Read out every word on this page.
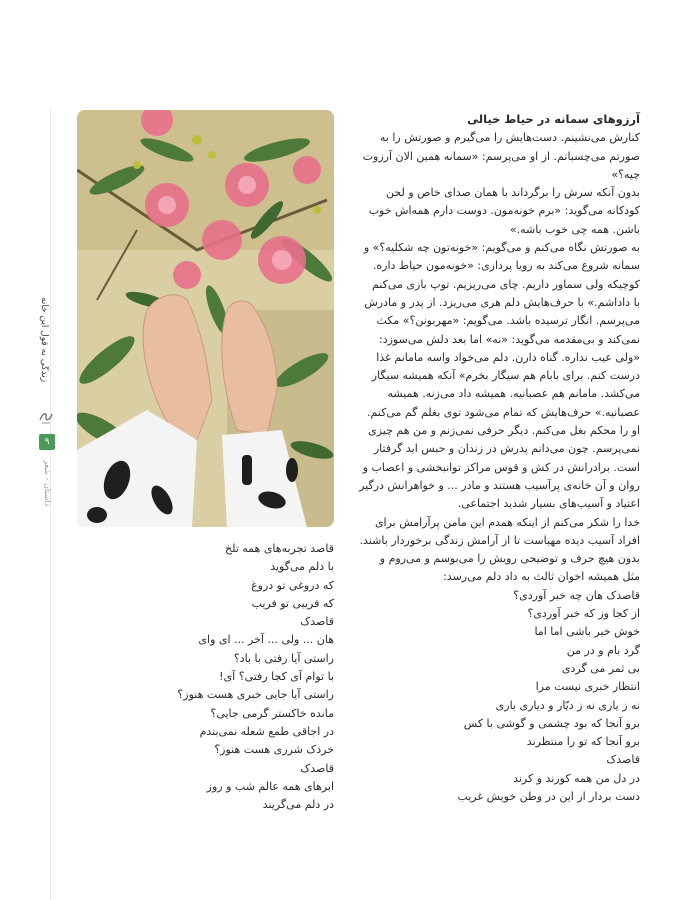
زندگی به قول این خانه
۹
داستان - شعر
آرزوهای سمانه در حیاط خیالی
کنارش می‌نشینم. دست‌هایش را می‌گیرم و صورتش را به
صورتم می‌چسبانم. از او می‌پرسم: «سمانه همین الان آرزوت
چیه؟»
بدون آنکه سرش را برگرداند با همان صدای خاص و لحن
کودکانه می‌گوید: «برم خونه‌مون. دوست دارم همه‌اش خوب
باشن. همه چی خوب باشه.»
به صورتش نگاه می‌کنم و می‌گویم: «خونه‌تون چه شکلیه؟» و
سمانه شروع می‌کند به رویا پردازی: «خونه‌مون حیاط داره.
کوچیکه ولی سماور داریم. چای می‌ریزیم. توپ بازی می‌کنم
با داداشم.» با حرف‌هایش دلم هری می‌ریزد. از پدر و مادرش
می‌پرسم. انگار ترسیده باشد. می‌گویم: «مهربونن؟» مکث
نمی‌کند و بی‌مقدمه می‌گوید: «نه» اما بعد دلش می‌سوزد:
«ولی عیب نداره. گناه دارن. دلم می‌خواد واسه مامانم غذا
درست کنم. برای بابام هم سیگار بخرم» آنکه همیشه سیگار
می‌کشد. مامانم هم عصبانیه. همیشه داد می‌زنه. همیشه
عصبانیه.» حرف‌هایش که تمام می‌شود توی بغلم گم می‌کنم.
او را محکم بغل می‌کنم. دیگر حرفی نمی‌زنم و من هم چیزی
نمی‌پرسم. چون می‌دانم پدرش در زندان و حبس ابد گرفتار
است. برادرانش در کش و قوس مراکز توانبخشی و اعصاب و
روان و آن خانه‌ی پرآسیب هستند و مادر ... و خواهرانش درگیر
اعتیاد و آسیب‌های بسیار شدید اجتماعی.
خدا را شکر می‌کنم از اینکه همدم این مامن پرآرامش برای
افراد آسیب دیده مهیاست تا از آرامش زندگی برخوردار باشند.
بدون هیچ حرف و توضیحی رویش را می‌بوسم و می‌روم و
مثل همیشه اخوان ثالث به داد دلم می‌رسد:
قاصدک هان چه خبر آوردی؟
از کجا وز که خبر آوردی؟
خوش خبر باشی اما اما
گرد بام و در من
بی ثمر می گردی
انتظار خبری نیست مرا
نه ز یاری نه ز دیّار و دیاری باری
برو آنجا که بود چشمی و گوشی با کس
برو آنجا که تو را منتظرند
قاصدک
در دل من همه کورند و کرند
دست بردار از این در وطن خویش غریب
قاصد تجربه‌های همه تلخ
با دلم می‌گوید
که دروغی تو دروغ
که فریبی تو فریب
قاصدک
هان ... ولی ... آخر ... ای وای
راستی آیا رفتی با باد؟
با توام آی کجا رفتی؟ آی!
راستی آیا جایی خبری هست هنوز؟
مانده خاکستر گرمی جایی؟
در اجاقی طمع شعله نمی‌بندم
خردک شرری هست هنوز؟
قاصدک
ابرهای همه عالم شب و روز
در دلم می‌گریند
